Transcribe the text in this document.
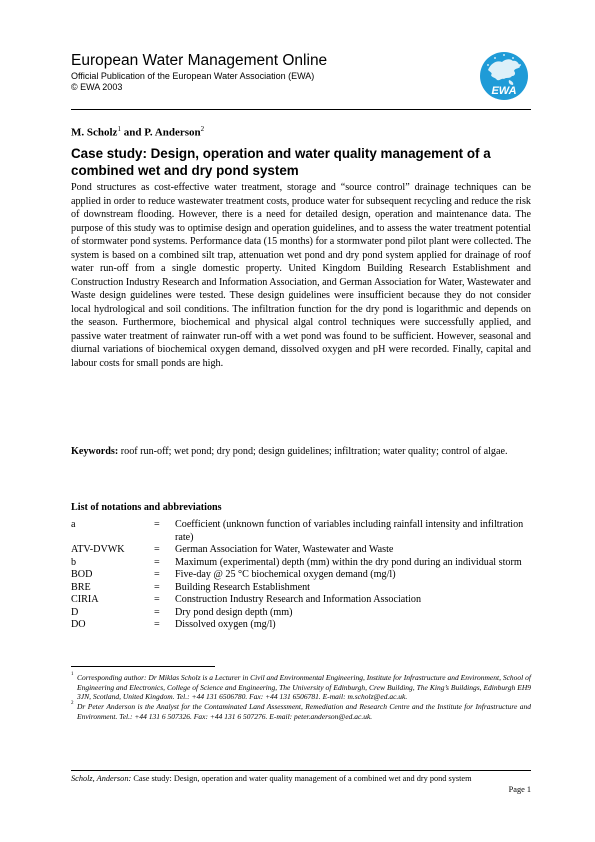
European Water Management Online
Official Publication of the European Water Association (EWA)
© EWA 2003	EWA
M. Scholz$^1$ and P. Anderson$^2$
Case study: Design, operation and water quality management of a combined wet and dry pond system
Pond structures as cost-effective water treatment, storage and “source control” drainage techniques can be applied in order to reduce wastewater treatment costs, produce water for subsequent recycling and reduce the risk of downstream flooding. However, there is a need for detailed design, operation and maintenance data. The purpose of this study was to optimise design and operation guidelines, and to assess the water treatment potential of stormwater pond systems. Performance data (15 months) for a stormwater pond pilot plant were collected. The system is based on a combined silt trap, attenuation wet pond and dry pond system applied for drainage of roof water run-off from a single domestic property. United Kingdom Building Research Establishment and Construction Industry Research and Information Association, and German Association for Water, Wastewater and Waste design guidelines were tested. These design guidelines were insufficient because they do not consider local hydrological and soil conditions. The infiltration function for the dry pond is logarithmic and depends on the season. Furthermore, biochemical and physical algal control techniques were successfully applied, and passive water treatment of rainwater run-off with a wet pond was found to be sufficient. However, seasonal and diurnal variations of biochemical oxygen demand, dissolved oxygen and pH were recorded. Finally, capital and labour costs for small ponds are high.
Keywords: roof run-off; wet pond; dry pond; design guidelines; infiltration; water quality; control of algae.
List of notations and abbreviations
a	= Coefficient (unknown function of variables including rainfall intensity and infiltration rate)
ATV-DVWK	= German Association for Water, Wastewater and Waste
b	= Maximum (experimental) depth (mm) within the dry pond during an individual storm
BOD	= Five-day @ 25 °C biochemical oxygen demand (mg/l)
BRE	= Building Research Establishment
CIRIA	= Construction Industry Research and Information Association
D	= Dry pond design depth (mm)
DO	= Dissolved oxygen (mg/l)
1 Corresponding author: Dr Miklas Scholz is a Lecturer in Civil and Environmental Engineering, Institute for Infrastructure and Environment, School of Engineering and Electronics, College of Science and Engineering, The University of Edinburgh, Crew Building, The King’s Buildings, Edinburgh EH9 3JN, Scotland, United Kingdom. Tel.: +44 131 6506780. Fax: +44 131 6506781. E-mail: m.scholz@ed.ac.uk.
2 Dr Peter Anderson is the Analyst for the Contaminated Land Assessment, Remediation and Research Centre and the Institute for Infrastructure and Environment. Tel.: +44 131 6 507326. Fax: +44 131 6 507276. E-mail: peter.anderson@ed.ac.uk.
Scholz, Anderson: Case study: Design, operation and water quality management of a combined wet and dry pond system
Page 1
